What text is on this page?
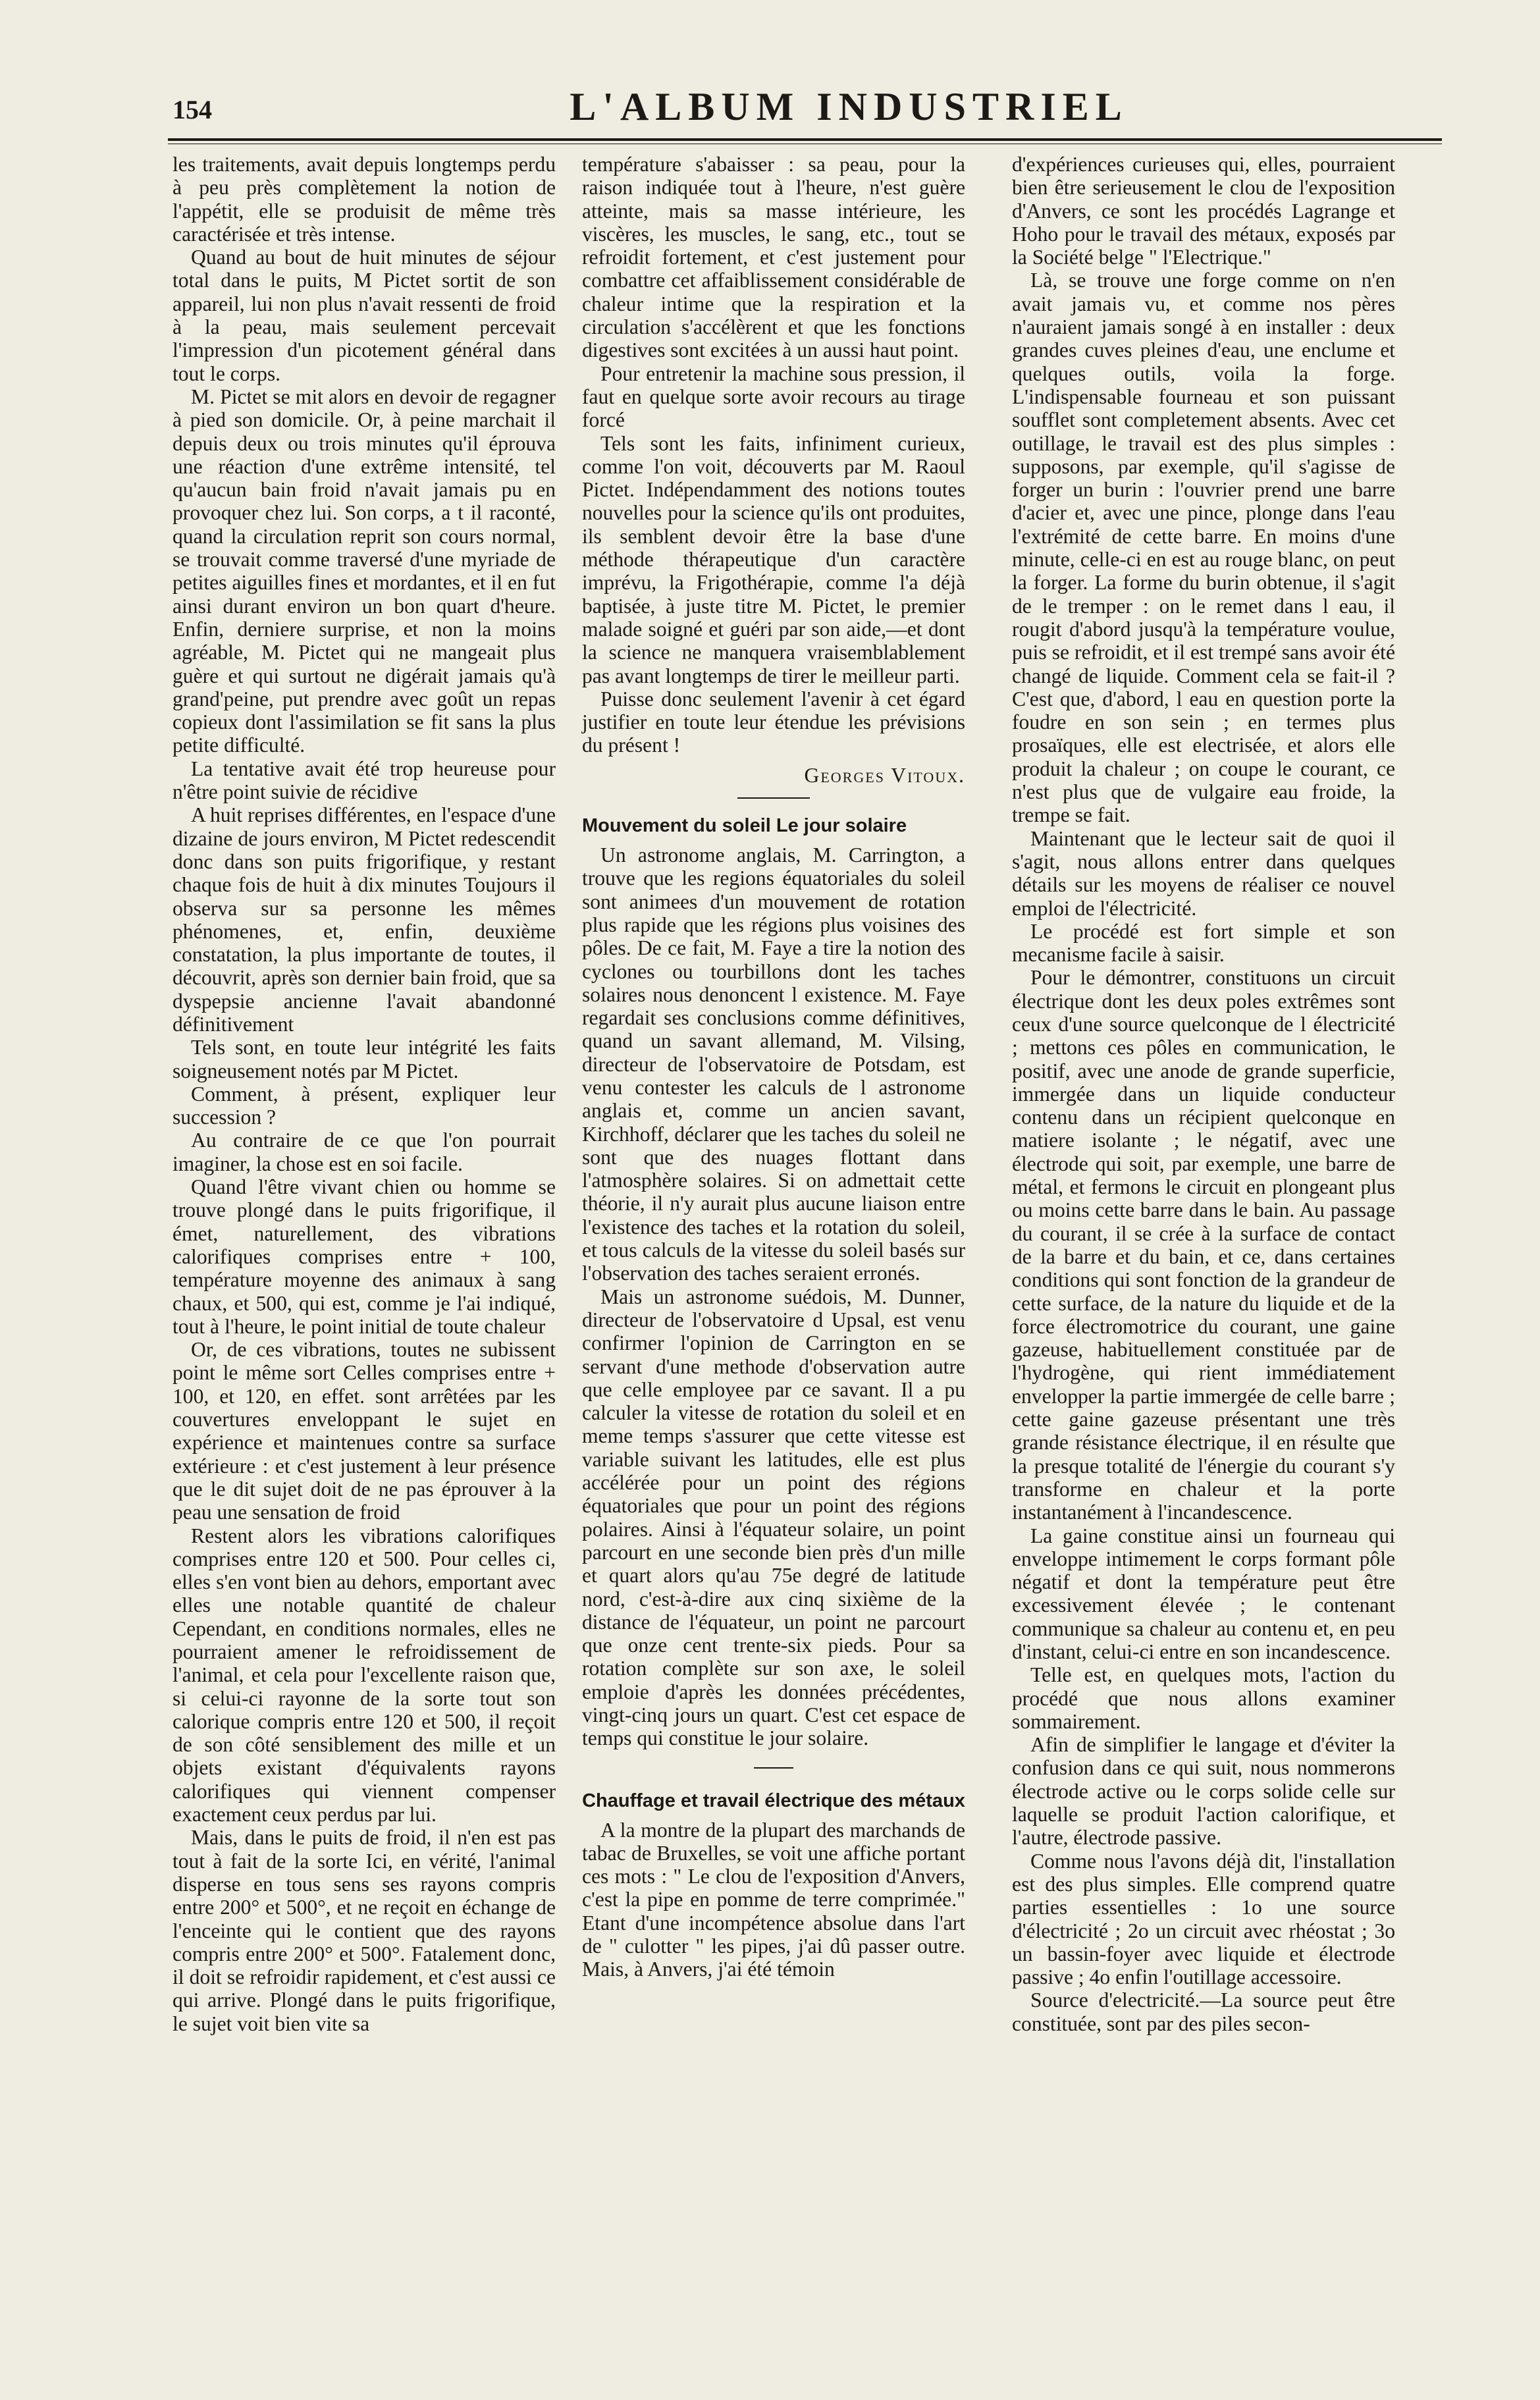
154	L'ALBUM INDUSTRIEL

les traitements, avait depuis longtemps perdu à peu près complètement la notion de l'appétit, elle se produisit de même très caractérisée et très intense.

Quand au bout de huit minutes de séjour total dans le puits, M Pictet sortit de son appareil, lui non plus n'avait ressenti de froid à la peau, mais seulement percevait l'impression d'un picotement général dans tout le corps.

M. Pictet se mit alors en devoir de regagner à pied son domicile. Or, à peine marchait il depuis deux ou trois minutes qu'il éprouva une réaction d'une extrême intensité, tel qu'aucun bain froid n'avait jamais pu en provoquer chez lui. Son corps, a t il raconté, quand la circulation reprit son cours normal, se trouvait comme traversé d'une myriade de petites aiguilles fines et mordantes, et il en fut ainsi durant environ un bon quart d'heure. Enfin, derniere surprise, et non la moins agréable, M. Pictet qui ne mangeait plus guère et qui surtout ne digérait jamais qu'à grand'peine, put prendre avec goût un repas copieux dont l'assimilation se fit sans la plus petite difficulté.

La tentative avait été trop heureuse pour n'être point suivie de récidive

A huit reprises différentes, en l'espace d'une dizaine de jours environ, M Pictet redescendit donc dans son puits frigorifique, y restant chaque fois de huit à dix minutes Toujours il observa sur sa personne les mêmes phénomenes, et, enfin, deuxième constatation, la plus importante de toutes, il découvrit, après son dernier bain froid, que sa dyspepsie ancienne l'avait abandonné définitivement

Tels sont, en toute leur intégrité les faits soigneusement notés par M Pictet.

Comment, à présent, expliquer leur succession ?

Au contraire de ce que l'on pourrait imaginer, la chose est en soi facile.

Quand l'être vivant chien ou homme se trouve plongé dans le puits frigorifique, il émet, naturellement, des vibrations calorifiques comprises entre + 100, température moyenne des animaux à sang chaux, et 500, qui est, comme je l'ai indiqué, tout à l'heure, le point initial de toute chaleur

Or, de ces vibrations, toutes ne subissent point le même sort Celles comprises entre + 100, et 120, en effet. sont arrêtées par les couvertures enveloppant le sujet en expérience et maintenues contre sa surface extérieure : et c'est justement à leur présence que le dit sujet doit de ne pas éprouver à la peau une sensation de froid

Restent alors les vibrations calorifiques comprises entre 120 et 500. Pour celles ci, elles s'en vont bien au dehors, emportant avec elles une notable quantité de chaleur Cependant, en conditions normales, elles ne pourraient amener le refroidissement de l'animal, et cela pour l'excellente raison que, si celui-ci rayonne de la sorte tout son calorique compris entre 120 et 500, il reçoit de son côté sensiblement des mille et un objets existant d'équivalents rayons calorifiques qui viennent compenser exactement ceux perdus par lui.

Mais, dans le puits de froid, il n'en est pas tout à fait de la sorte Ici, en vérité, l'animal disperse en tous sens ses rayons compris entre 200° et 500°, et ne reçoit en échange de l'enceinte qui le contient que des rayons compris entre 200° et 500°. Fatalement donc, il doit se refroidir rapidement, et c'est aussi ce qui arrive. Plongé dans le puits frigorifique, le sujet voit bien vite sa

température s'abaisser : sa peau, pour la raison indiquée tout à l'heure, n'est guère atteinte, mais sa masse intérieure, les viscères, les muscles, le sang, etc., tout se refroidit fortement, et c'est justement pour combattre cet affaiblissement considérable de chaleur intime que la respiration et la circulation s'accélèrent et que les fonctions digestives sont excitées à un aussi haut point.

Pour entretenir la machine sous pression, il faut en quelque sorte avoir recours au tirage forcé

Tels sont les faits, infiniment curieux, comme l'on voit, découverts par M. Raoul Pictet. Indépendamment des notions toutes nouvelles pour la science qu'ils ont produites, ils semblent devoir être la base d'une méthode thérapeutique d'un caractère imprévu, la Frigothérapie, comme l'a déjà baptisée, à juste titre M. Pictet, le premier malade soigné et guéri par son aide,—et dont la science ne manquera vraisemblablement pas avant longtemps de tirer le meilleur parti.

Puisse donc seulement l'avenir à cet égard justifier en toute leur étendue les prévisions du présent !

Georges Vitoux.

Mouvement du soleil Le jour solaire

Un astronome anglais, M. Carrington, a trouve que les regions équatoriales du soleil sont animees d'un mouvement de rotation plus rapide que les régions plus voisines des pôles. De ce fait, M. Faye a tire la notion des cyclones ou tourbillons dont les taches solaires nous denoncent l existence. M. Faye regardait ses conclusions comme définitives, quand un savant allemand, M. Vilsing, directeur de l'observatoire de Potsdam, est venu contester les calculs de l astronome anglais et, comme un ancien savant, Kirchhoff, déclarer que les taches du soleil ne sont que des nuages flottant dans l'atmosphère solaires. Si on admettait cette théorie, il n'y aurait plus aucune liaison entre l'existence des taches et la rotation du soleil, et tous calculs de la vitesse du soleil basés sur l'observation des taches seraient erronés.

Mais un astronome suédois, M. Dunner, directeur de l'observatoire d Upsal, est venu confirmer l'opinion de Carrington en se servant d'une methode d'observation autre que celle employee par ce savant. Il a pu calculer la vitesse de rotation du soleil et en meme temps s'assurer que cette vitesse est variable suivant les latitudes, elle est plus accélérée pour un point des régions équatoriales que pour un point des régions polaires. Ainsi à l'équateur solaire, un point parcourt en une seconde bien près d'un mille et quart alors qu'au 75e degré de latitude nord, c'est-à-dire aux cinq sixième de la distance de l'équateur, un point ne parcourt que onze cent trente-six pieds. Pour sa rotation complète sur son axe, le soleil emploie d'après les données précédentes, vingt-cinq jours un quart. C'est cet espace de temps qui constitue le jour solaire.

Chauffage et travail électrique des métaux

A la montre de la plupart des marchands de tabac de Bruxelles, se voit une affiche portant ces mots : " Le clou de l'exposition d'Anvers, c'est la pipe en pomme de terre comprimée." Etant d'une incompétence absolue dans l'art de " culotter " les pipes, j'ai dû passer outre. Mais, à Anvers, j'ai été témoin

d'expériences curieuses qui, elles, pourraient bien être serieusement le clou de l'exposition d'Anvers, ce sont les procédés Lagrange et Hoho pour le travail des métaux, exposés par la Société belge " l'Electrique."

Là, se trouve une forge comme on n'en avait jamais vu, et comme nos pères n'auraient jamais songé à en installer : deux grandes cuves pleines d'eau, une enclume et quelques outils, voila la forge. L'indispensable fourneau et son puissant soufflet sont completement absents. Avec cet outillage, le travail est des plus simples : supposons, par exemple, qu'il s'agisse de forger un burin : l'ouvrier prend une barre d'acier et, avec une pince, plonge dans l'eau l'extrémité de cette barre. En moins d'une minute, celle-ci en est au rouge blanc, on peut la forger. La forme du burin obtenue, il s'agit de le tremper : on le remet dans l eau, il rougit d'abord jusqu'à la température voulue, puis se refroidit, et il est trempé sans avoir été changé de liquide. Comment cela se fait-il ? C'est que, d'abord, l eau en question porte la foudre en son sein ; en termes plus prosaïques, elle est electrisée, et alors elle produit la chaleur ; on coupe le courant, ce n'est plus que de vulgaire eau froide, la trempe se fait.

Maintenant que le lecteur sait de quoi il s'agit, nous allons entrer dans quelques détails sur les moyens de réaliser ce nouvel emploi de l'électricité.

Le procédé est fort simple et son mecanisme facile à saisir.

Pour le démontrer, constituons un circuit électrique dont les deux poles extrêmes sont ceux d'une source quelconque de l électricité ; mettons ces pôles en communication, le positif, avec une anode de grande superficie, immergée dans un liquide conducteur contenu dans un récipient quelconque en matiere isolante ; le négatif, avec une électrode qui soit, par exemple, une barre de métal, et fermons le circuit en plongeant plus ou moins cette barre dans le bain. Au passage du courant, il se crée à la surface de contact de la barre et du bain, et ce, dans certaines conditions qui sont fonction de la grandeur de cette surface, de la nature du liquide et de la force électromotrice du courant, une gaine gazeuse, habituellement constituée par de l'hydrogène, qui rient immédiatement envelopper la partie immergée de celle barre ; cette gaine gazeuse présentant une très grande résistance électrique, il en résulte que la presque totalité de l'énergie du courant s'y transforme en chaleur et la porte instantanément à l'incandescence.

La gaine constitue ainsi un fourneau qui enveloppe intimement le corps formant pôle négatif et dont la température peut être excessivement élevée ; le contenant communique sa chaleur au contenu et, en peu d'instant, celui-ci entre en son incandescence.

Telle est, en quelques mots, l'action du procédé que nous allons examiner sommairement.

Afin de simplifier le langage et d'éviter la confusion dans ce qui suit, nous nommerons électrode active ou le corps solide celle sur laquelle se produit l'action calorifique, et l'autre, électrode passive.

Comme nous l'avons déjà dit, l'installation est des plus simples. Elle comprend quatre parties essentielles : 1o une source d'électricité ; 2o un circuit avec rhéostat ; 3o un bassin-foyer avec liquide et électrode passive ; 4o enfin l'outillage accessoire.

Source d'electricité.—La source peut être constituée, sont par des piles secon-
